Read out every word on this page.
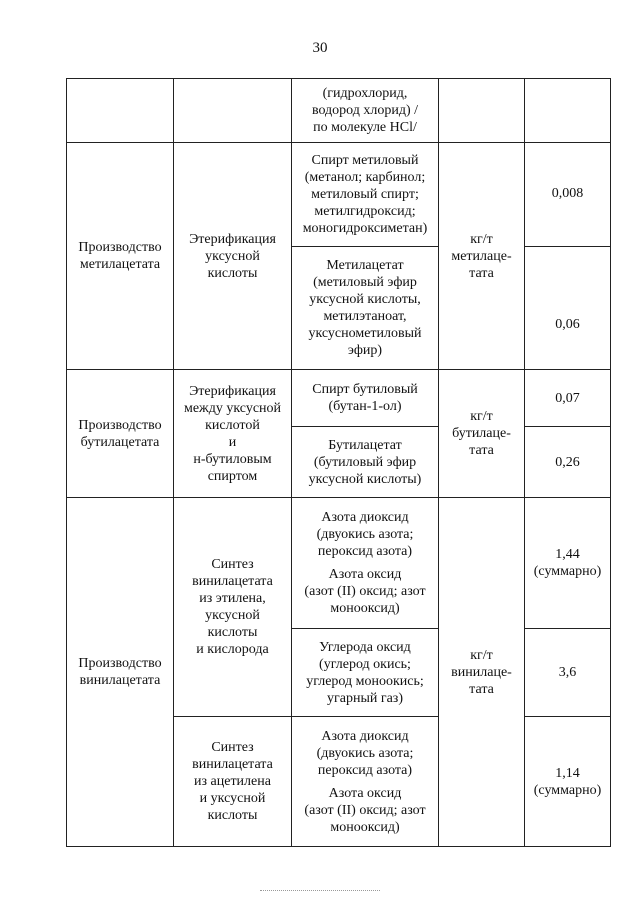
30
(гидрохлорид,
водород хлорид) /
по молекуле HCl/
Производство
метилацетата
Этерификация
уксусной
кислоты
Спирт метиловый
(метанол; карбинол;
метиловый спирт;
метилгидроксид;
моногидроксиметан)
Метилацетат
(метиловый эфир
уксусной кислоты,
метилэтаноат,
уксуснометиловый
эфир)
кг/т
метилаце-
тата
0,008
0,06
Производство
бутилацетата
Этерификация
между уксусной
кислотой
и
н-бутиловым
спиртом
Спирт бутиловый
(бутан-1-ол)
Бутилацетат
(бутиловый эфир
уксусной кислоты)
кг/т
бутилаце-
тата
0,07
0,26
Производство
винилацетата
Синтез
винилацетата
из этилена,
уксусной
кислоты
и кислорода
Азота диоксид
(двуокись азота;
пероксид азота)
Азота оксид
(азот (II) оксид; азот
монооксид)
Углерода оксид
(углерод окись;
углерод моноокись;
угарный газ)
Синтез
винилацетата
из ацетилена
и уксусной
кислоты
Азота диоксид
(двуокись азота;
пероксид азота)
Азота оксид
(азот (II) оксид; азот
монооксид)
кг/т
винилаце-
тата
1,44
(суммарно)
3,6
1,14
(суммарно)
